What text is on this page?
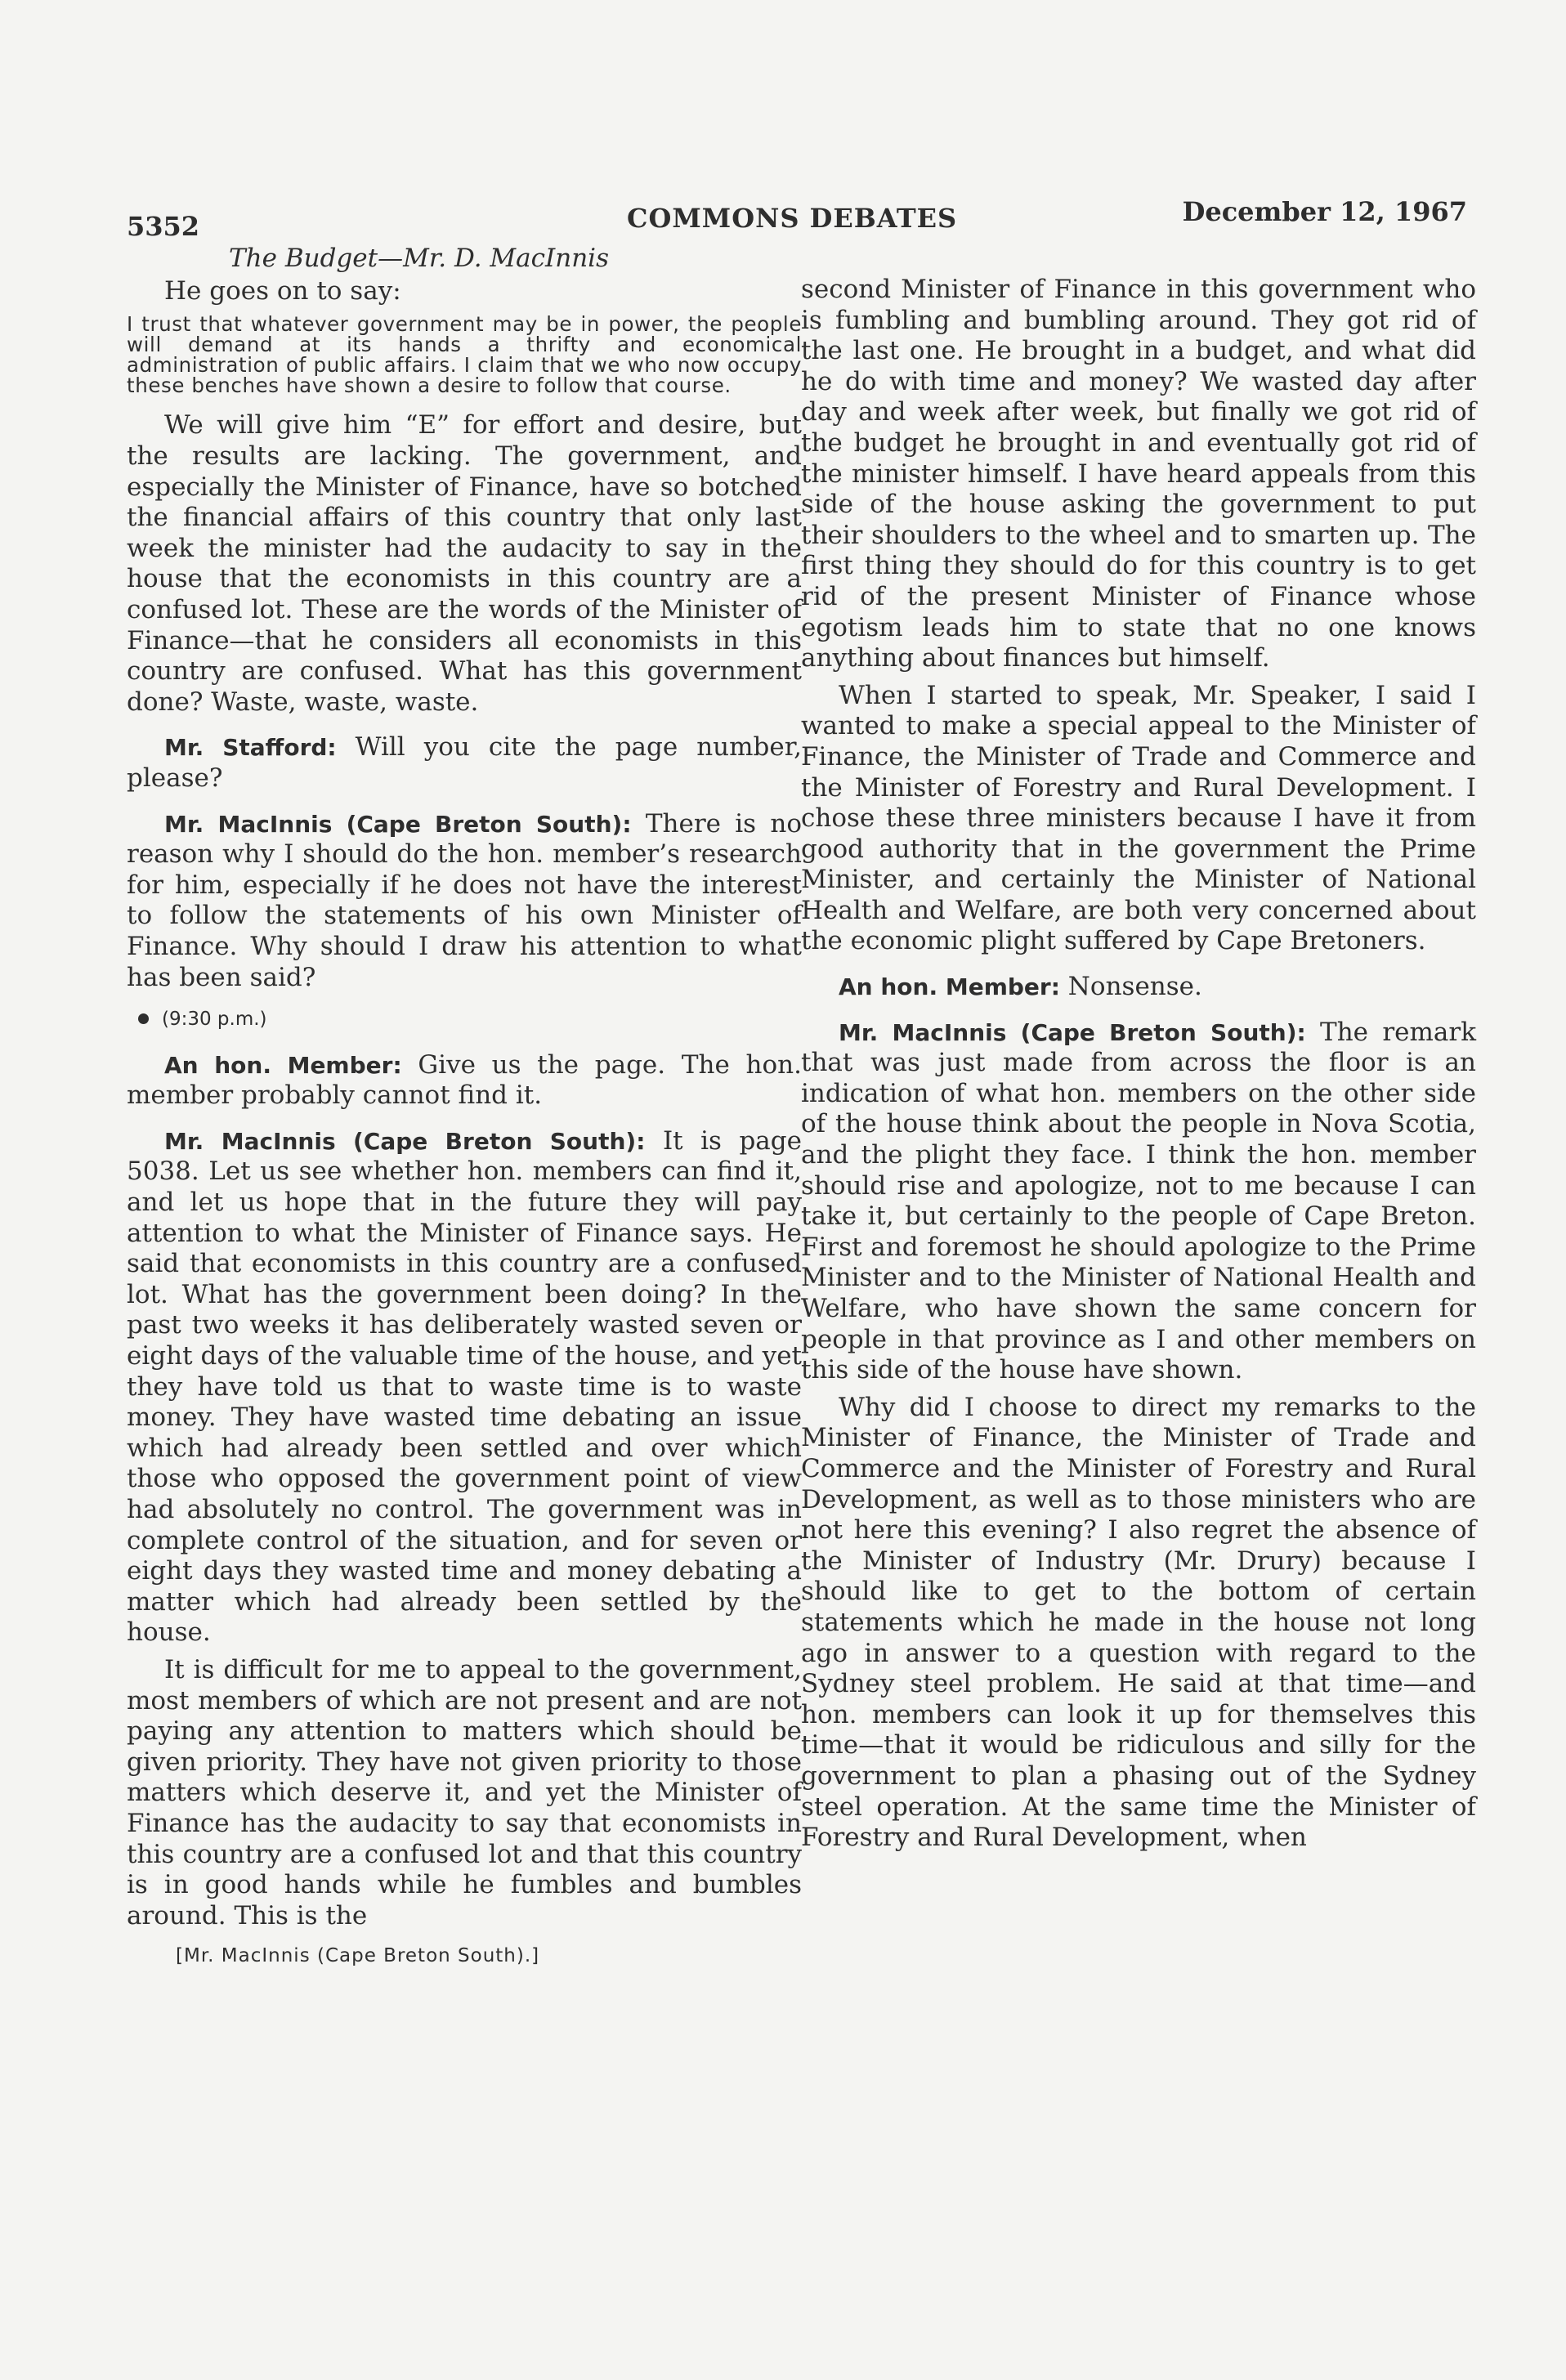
5352	COMMONS DEBATES	December 12, 1967
The Budget—Mr. D. MacInnis

He goes on to say:

I trust that whatever government may be in power, the people will demand at its hands a thrifty and economical administration of public affairs. I claim that we who now occupy these benches have shown a desire to follow that course.

We will give him “E” for effort and desire, but the results are lacking. The government, and especially the Minister of Finance, have so botched the financial affairs of this country that only last week the minister had the audacity to say in the house that the economists in this country are a confused lot. These are the words of the Minister of Finance—that he considers all economists in this country are confused. What has this government done? Waste, waste, waste.

Mr. Stafford: Will you cite the page number, please?

Mr. MacInnis (Cape Breton South): There is no reason why I should do the hon. member’s research for him, especially if he does not have the interest to follow the statements of his own Minister of Finance. Why should I draw his attention to what has been said?

(9:30 p.m.)

An hon. Member: Give us the page. The hon. member probably cannot find it.

Mr. MacInnis (Cape Breton South): It is page 5038. Let us see whether hon. members can find it, and let us hope that in the future they will pay attention to what the Minister of Finance says. He said that economists in this country are a confused lot. What has the government been doing? In the past two weeks it has deliberately wasted seven or eight days of the valuable time of the house, and yet they have told us that to waste time is to waste money. They have wasted time debating an issue which had already been settled and over which those who opposed the government point of view had absolutely no control. The government was in complete control of the situation, and for seven or eight days they wasted time and money debating a matter which had already been settled by the house.

It is difficult for me to appeal to the government, most members of which are not present and are not paying any attention to matters which should be given priority. They have not given priority to those matters which deserve it, and yet the Minister of Finance has the audacity to say that economists in this country are a confused lot and that this country is in good hands while he fumbles and bumbles around. This is the

[Mr. MacInnis (Cape Breton South).]

second Minister of Finance in this government who is fumbling and bumbling around. They got rid of the last one. He brought in a budget, and what did he do with time and money? We wasted day after day and week after week, but finally we got rid of the budget he brought in and eventually got rid of the minister himself. I have heard appeals from this side of the house asking the government to put their shoulders to the wheel and to smarten up. The first thing they should do for this country is to get rid of the present Minister of Finance whose egotism leads him to state that no one knows anything about finances but himself.

When I started to speak, Mr. Speaker, I said I wanted to make a special appeal to the Minister of Finance, the Minister of Trade and Commerce and the Minister of Forestry and Rural Development. I chose these three ministers because I have it from good authority that in the government the Prime Minister, and certainly the Minister of National Health and Welfare, are both very concerned about the economic plight suffered by Cape Bretoners.

An hon. Member: Nonsense.

Mr. MacInnis (Cape Breton South): The remark that was just made from across the floor is an indication of what hon. members on the other side of the house think about the people in Nova Scotia, and the plight they face. I think the hon. member should rise and apologize, not to me because I can take it, but certainly to the people of Cape Breton. First and foremost he should apologize to the Prime Minister and to the Minister of National Health and Welfare, who have shown the same concern for people in that province as I and other members on this side of the house have shown.

Why did I choose to direct my remarks to the Minister of Finance, the Minister of Trade and Commerce and the Minister of Forestry and Rural Development, as well as to those ministers who are not here this evening? I also regret the absence of the Minister of Industry (Mr. Drury) because I should like to get to the bottom of certain statements which he made in the house not long ago in answer to a question with regard to the Sydney steel problem. He said at that time—and hon. members can look it up for themselves this time—that it would be ridiculous and silly for the government to plan a phasing out of the Sydney steel operation. At the same time the Minister of Forestry and Rural Development, when
